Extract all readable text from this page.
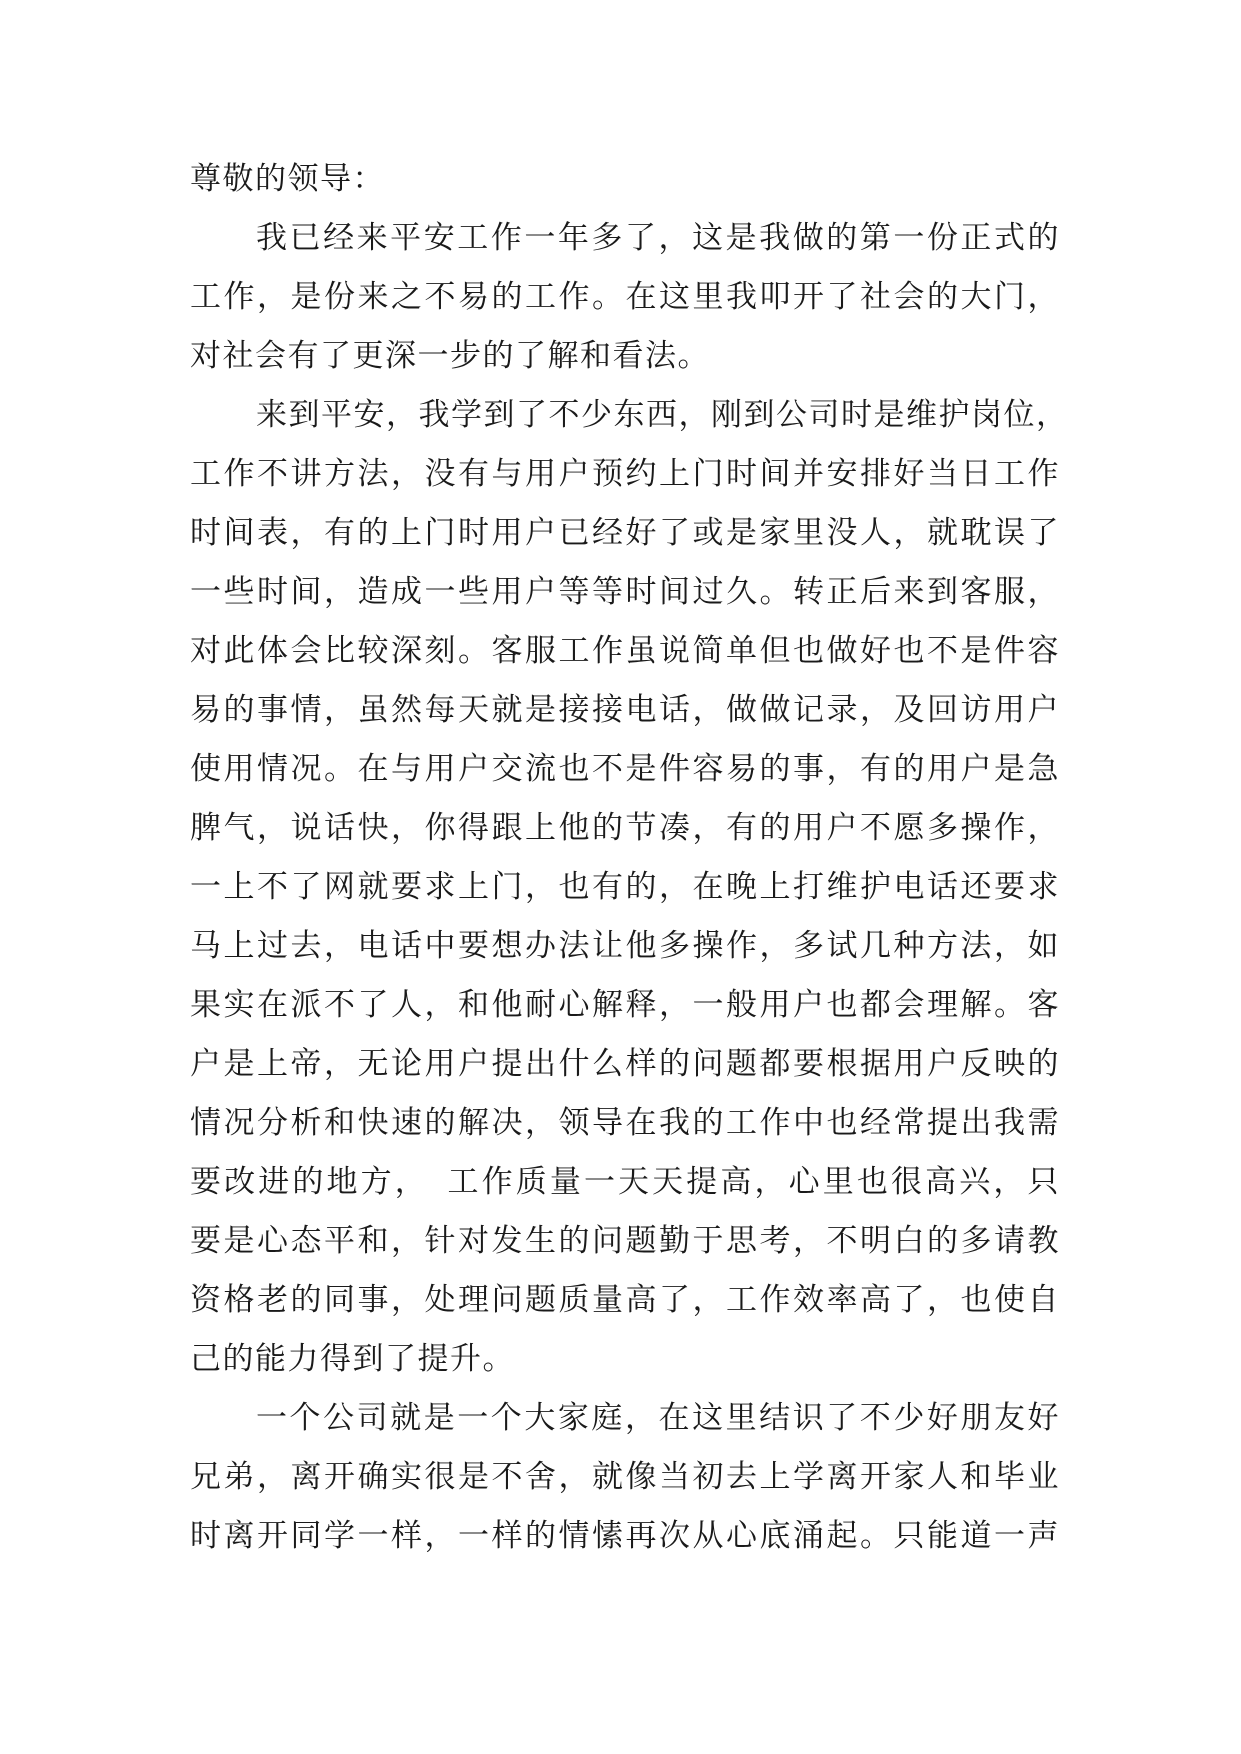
尊敬的领导：
我已经来平安工作一年多了，这是我做的第一份正式的
工作，是份来之不易的工作。在这里我叩开了社会的大门，
对社会有了更深一步的了解和看法。
来到平安，我学到了不少东西，刚到公司时是维护岗位，
工作不讲方法，没有与用户预约上门时间并安排好当日工作
时间表，有的上门时用户已经好了或是家里没人，就耽误了
一些时间，造成一些用户等等时间过久。转正后来到客服，
对此体会比较深刻。客服工作虽说简单但也做好也不是件容
易的事情，虽然每天就是接接电话，做做记录，及回访用户
使用情况。在与用户交流也不是件容易的事，有的用户是急
脾气，说话快，你得跟上他的节凑，有的用户不愿多操作，
一上不了网就要求上门，也有的，在晚上打维护电话还要求
马上过去，电话中要想办法让他多操作，多试几种方法，如
果实在派不了人，和他耐心解释，一般用户也都会理解。客
户是上帝，无论用户提出什么样的问题都要根据用户反映的
情况分析和快速的解决，领导在我的工作中也经常提出我需
要改进的地方，　工作质量一天天提高，心里也很高兴，只
要是心态平和，针对发生的问题勤于思考，不明白的多请教
资格老的同事，处理问题质量高了，工作效率高了，也使自
己的能力得到了提升。
一个公司就是一个大家庭，在这里结识了不少好朋友好
兄弟，离开确实很是不舍，就像当初去上学离开家人和毕业
时离开同学一样，一样的情愫再次从心底涌起。只能道一声
